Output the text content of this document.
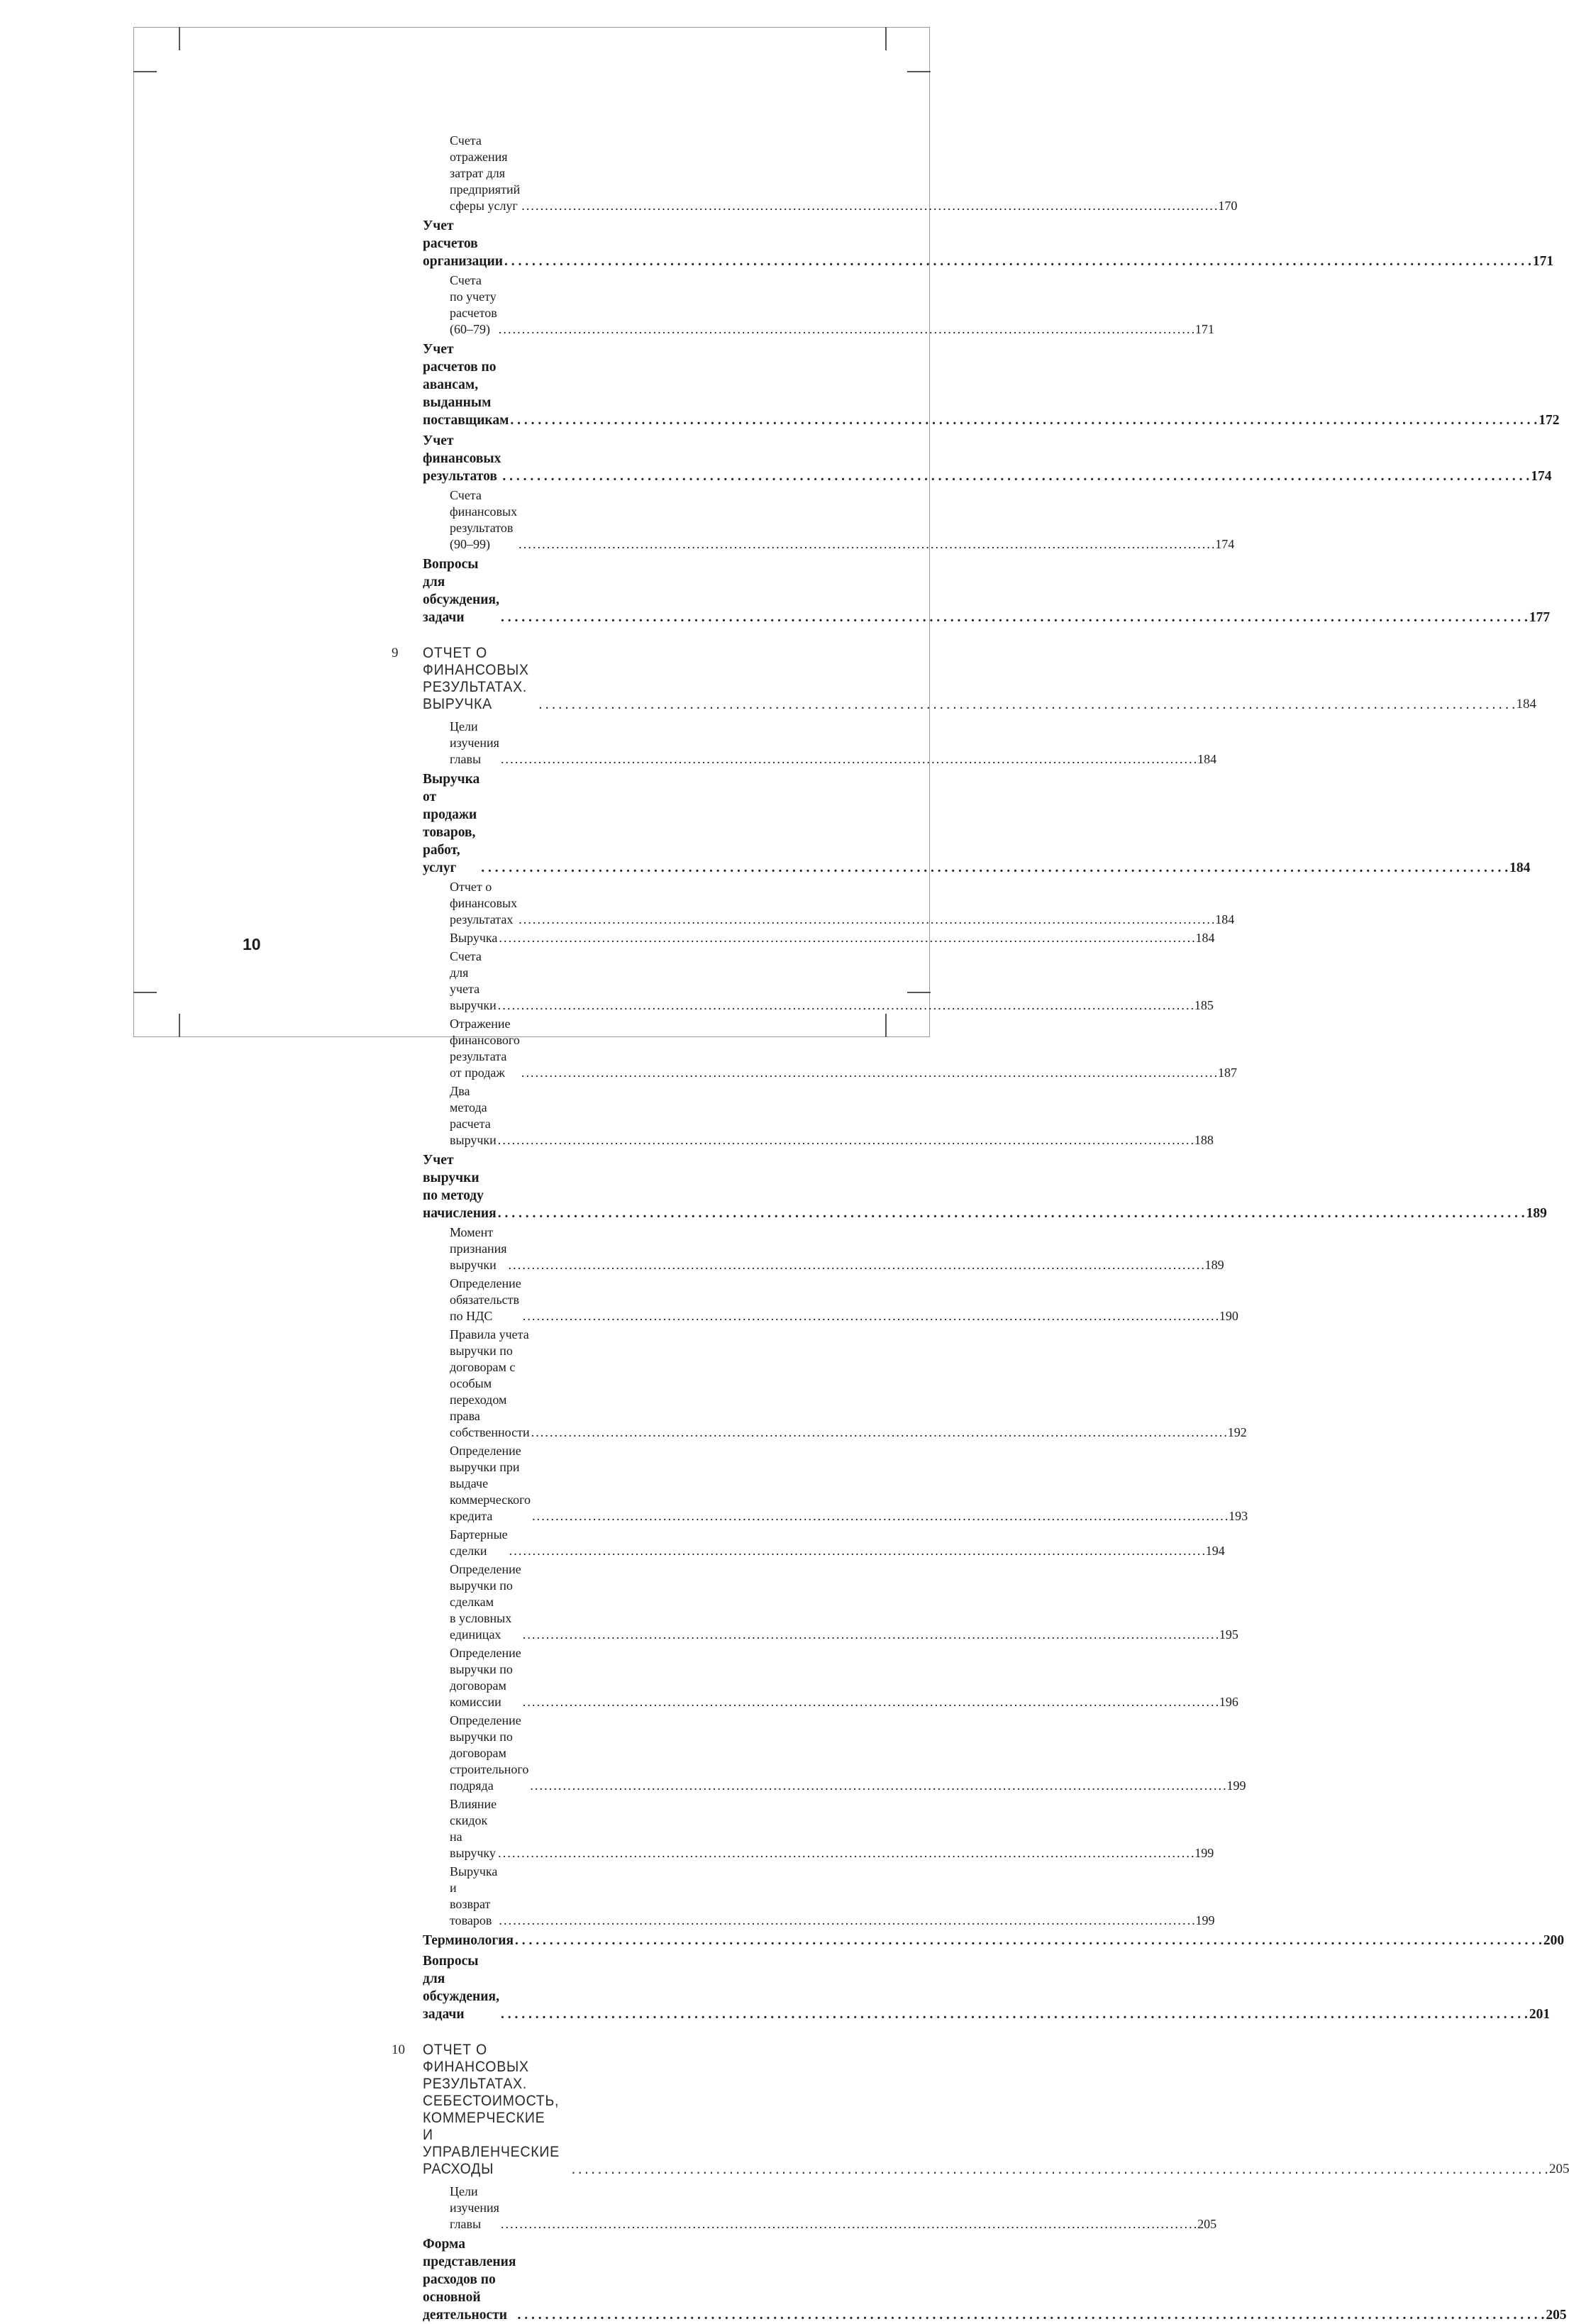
Счета отражения затрат для предприятий
сферы услуг . . .	170
Учет расчетов организации . . .	171
Счета по учету расчетов (60–79) . . .	171
Учет расчетов по авансам, выданным
поставщикам . . .	172
Учет финансовых результатов . . .	174
Счета финансовых результатов (90–99) . . .	174
Вопросы для обсуждения, задачи . . .	177
9 ОТЧЕТ О ФИНАНСОВЫХ РЕЗУЛЬТАТАХ.
ВЫРУЧКА . . .	184
Цели изучения главы . . .	184
Выручка от продажи товаров, работ, услуг . . .	184
Отчет о финансовых результатах . . .	184
Выручка . . .	184
Счета для учета выручки . . .	185
Отражение финансового результата от продаж . . .	187
Два метода расчета выручки . . .	188
Учет выручки по методу начисления . . .	189
Момент признания выручки . . .	189
Определение обязательств по НДС . . .	190
Правила учета выручки по договорам с особым
переходом права собственности . . .	192
Определение выручки при выдаче коммерческого
кредита . . .	193
Бартерные сделки . . .	194
Определение выручки по сделкам
в условных единицах . . .	195
Определение выручки по договорам комиссии . . .	196
Определение выручки по договорам строительного
подряда . . .	199
Влияние скидок на выручку . . .	199
Выручка и возврат товаров . . .	199
Терминология . . .	200
Вопросы для обсуждения, задачи . . .	201
10 ОТЧЕТ О ФИНАНСОВЫХ РЕЗУЛЬТАТАХ.
СЕБЕСТОИМОСТЬ, КОММЕРЧЕСКИЕ И
УПРАВЛЕНЧЕСКИЕ РАСХОДЫ . . .	205
Цели изучения главы . . .	205
Форма представления расходов по основной
деятельности . . .	205
10
